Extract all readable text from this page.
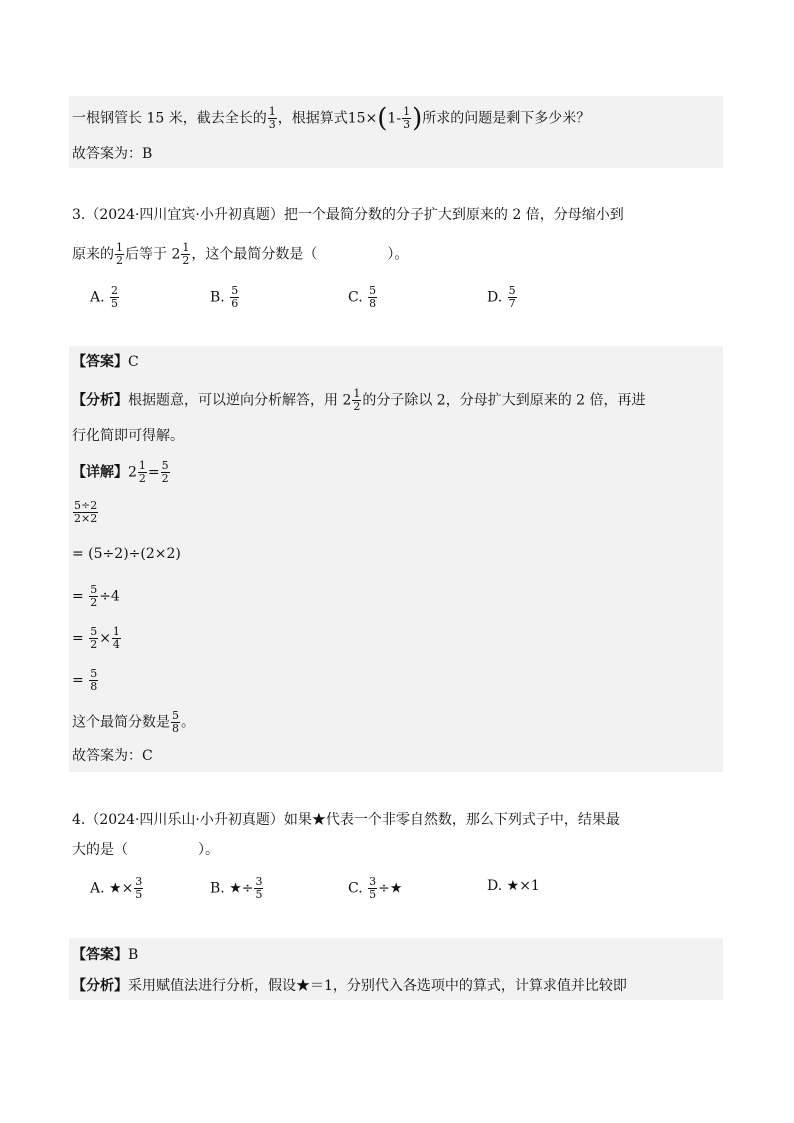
一根钢管长 15 米，截去全长的 $\frac{1}{3}$ ，根据算式$15\times(1- \frac{1}{3}$ )所求的问题是剩下多少米？
故答案为：B
3.（2024·四川宜宾·小升初真题）把一个最简分数的分子扩大到原来的 2 倍，分母缩小到
原来的 $\frac{1}{2}$ 后等于 $2 \frac{1}{2}$ ，这个最简分数是（	）。
A. $\frac{2}{5}$	B. $\frac{5}{6}$	C. $\frac{5}{8}$	D. $\frac{5}{7}$
【答案】C
【分析】根据题意，可以逆向分析解答，用 $2 \frac{1}{2}$ 的分子除以 2，分母扩大到原来的 2 倍，再进
行化简即可得解。
【详解】$2 \frac{1}{2} = \frac{5}{2}$
$\frac{5\div 2}{2\times 2}$
= (5÷2)÷(2×2)
= $\frac{5}{2} \div 4$
= $\frac{5}{2} \times \frac{1}{4}$
= $\frac{5}{8}$
这个最简分数是 $\frac{5}{8}$ 。
故答案为：C
4.（2024·四川乐山·小升初真题）如果★代表一个非零自然数，那么下列式子中，结果最
大的是（	）。
A. ★× $\frac{3}{5}$	B. ★÷ $\frac{3}{5}$	C. $\frac{3}{5}$ ÷★	D. ★×1
【答案】B
【分析】采用赋值法进行分析，假设★＝1，分别代入各选项中的算式，计算求值并比较即
